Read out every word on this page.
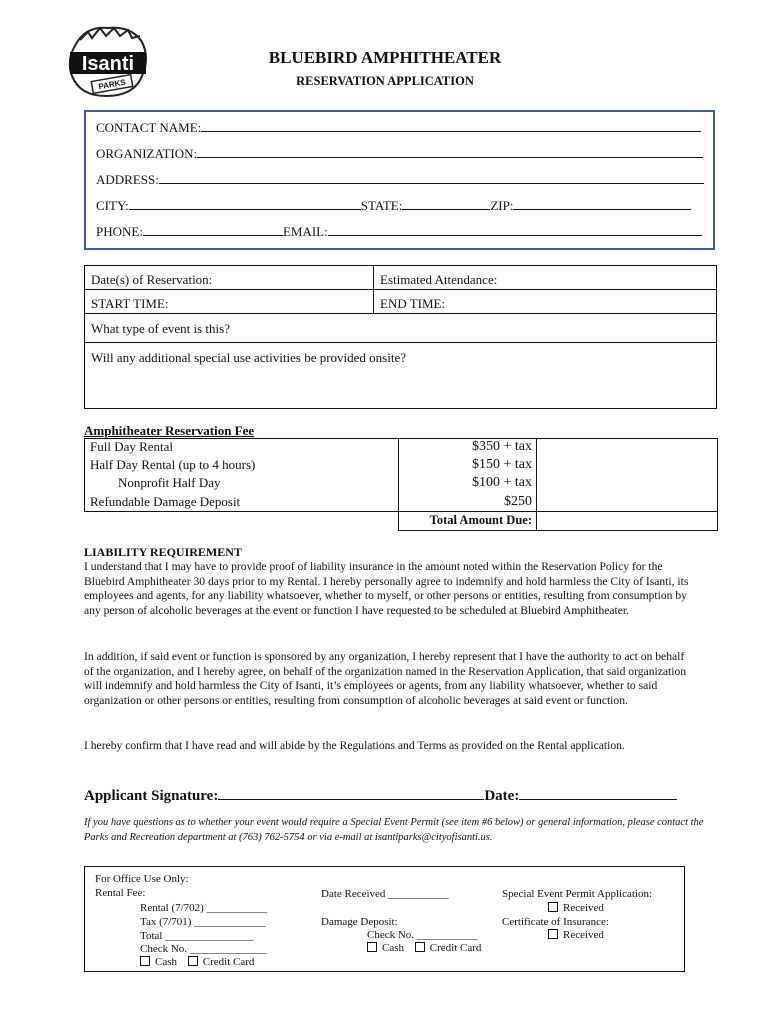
Isanti
PARKS
BLUEBIRD AMPHITHEATER
RESERVATION APPLICATION
CONTACT NAME:
ORGANIZATION:
ADDRESS:
CITY:	STATE:	ZIP:
PHONE:	EMAIL:
Date(s) of Reservation:	Estimated Attendance:
START TIME:	END TIME:
What type of event is this?
Will any additional special use activities be provided onsite?
Amphitheater Reservation Fee
Full Day Rental	$350 + tax
Half Day Rental (up to 4 hours)	$150 + tax
Nonprofit Half Day	$100 + tax
Refundable Damage Deposit	$250
Total Amount Due:
LIABILITY REQUIREMENT
I understand that I may have to provide proof of liability insurance in the amount noted within the Reservation Policy for the Bluebird Amphitheater 30 days prior to my Rental. I hereby personally agree to indemnify and hold harmless the City of Isanti, its employees and agents, for any liability whatsoever, whether to myself, or other persons or entities, resulting from consumption by any person of alcoholic beverages at the event or function I have requested to be scheduled at Bluebird Amphitheater.
In addition, if said event or function is sponsored by any organization, I hereby represent that I have the authority to act on behalf of the organization, and I hereby agree, on behalf of the organization named in the Reservation Application, that said organization will indemnify and hold harmless the City of Isanti, it’s employees or agents, from any liability whatsoever, whether to said organization or other persons or entities, resulting from consumption of alcoholic beverages at said event or function.
I hereby confirm that I have read and will abide by the Regulations and Terms as provided on the Rental application.
Applicant Signature:	Date:
If you have questions as to whether your event would require a Special Event Permit (see item #6 below) or general information, please contact the Parks and Recreation department at (763) 762-5754 or via e-mail at isantiparks@cityofisanti.us.
For Office Use Only:
Rental Fee:
Rental (7/702) ___________
Tax (7/701) _____________
Total ________________
Check No. ______________
Cash Credit Card
Date Received ___________
Damage Deposit:
Check No. ___________
Cash Credit Card
Special Event Permit Application:
Received
Certificate of Insurance:
Received
